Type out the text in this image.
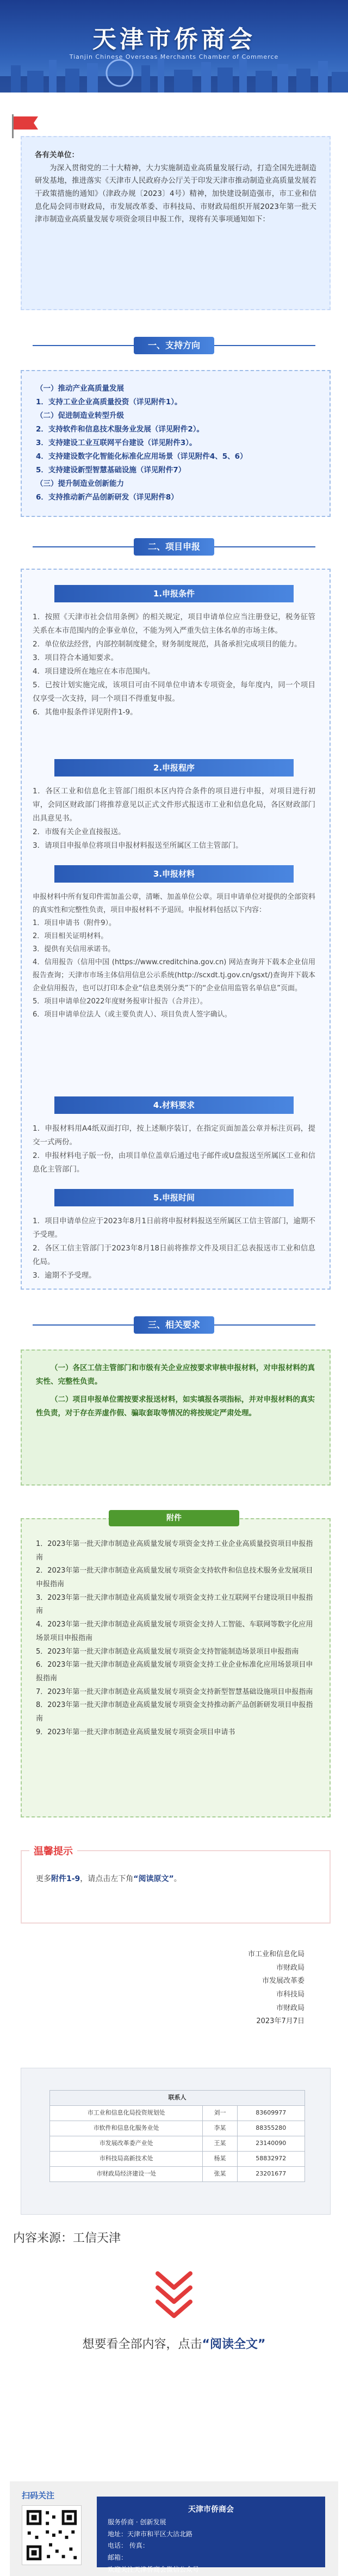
天津市侨商会
Tianjin Chinese Overseas Merchants Chamber of Commerce
各有关单位：
为深入贯彻党的二十大精神，大力实施制造业高质量发展行动，打造全国先进制造研发基地，推进落实《天津市人民政府办公厅关于印发天津市推动制造业高质量发展若干政策措施的通知》（津政办规〔2023〕4号）精神，加快建设制造强市，市工业和信息化局会同市财政局，市发展改革委、市科技局、市财政局组织开展2023年第一批天津市制造业高质量发展专项资金项目申报工作，现将有关事项通知如下：
一、支持方向
（一）推动产业高质量发展
1．支持工业企业高质量投资（详见附件1）。
（二）促进制造业转型升级
2．支持软件和信息技术服务业发展（详见附件2）。
3．支持建设工业互联网平台建设（详见附件3）。
4．支持建设数字化智能化标准化应用场景（详见附件4、5、6）
5．支持建设新型智慧基础设施（详见附件7）
（三）提升制造业创新能力
6．支持推动新产品创新研发（详见附件8）
二、项目申报
1.申报条件
1．按照《天津市社会信用条例》的相关规定，项目申请单位应当注册登记，税务征管关系在本市范围内的企事业单位，不能为列入严重失信主体名单的市场主体。
2．单位依法经营，内部控制制度健全，财务制度规范，具备承担完成项目的能力。
3．项目符合本通知要求。
4．项目建设所在地应在本市范围内。
5．已按计划实施完成，该项目可由不同单位申请本专项资金，每年度内，同一个项目仅享受一次支持，同一个项目不得重复申报。
6．其他申报条件详见附件1-9。
2.申报程序
1．各区工业和信息化主管部门组织本区内符合条件的项目进行申报，对项目进行初审，会同区财政部门将推荐意见以正式文件形式报送市工业和信息化局，各区财政部门出具意见书。
2．市级有关企业直接报送。
3．请项目申报单位将项目申报材料报送至所属区工信主管部门。
3.申报材料
申报材料中所有复印件需加盖公章，清晰、加盖单位公章。项目申请单位对提供的全部资料的真实性和完整性负责，项目申报材料不予退回。申报材料包括以下内容：
1．项目申请书（附件9）。
2．项目相关证明材料。
3．提供有关信用承诺书。
4．信用报告（信用中国 (https://www.creditchina.gov.cn) 网站查询并下载本企业信用报告查询；天津市市场主体信用信息公示系统(http://scxdt.tj.gov.cn/gsxt/)查询并下载本企业信用报告，也可以打印本企业“信息类别分类”下的“企业信用监管名单信息”页面。
5．项目申请单位2022年度财务报审计报告（合并注）。
6．项目申请单位法人（或主要负责人）、项目负责人签字确认。
4.材料要求
1．申报材料用A4纸双面打印，按上述顺序装订，在指定页面加盖公章并标注页码，提交一式两份。
2．申报材料电子版一份，由项目单位盖章后通过电子邮件或U盘报送至所属区工业和信息化主管部门。
5.申报时间
1．项目申请单位应于2023年8月1日前将申报材料报送至所属区工信主管部门，逾期不予受理。
2．各区工信主管部门于2023年8月18日前将推荐文件及项目汇总表报送市工业和信息化局。
3．逾期不予受理。
三、相关要求
（一）各区工信主管部门和市级有关企业应按要求审核申报材料，对申报材料的真实性、完整性负责。
（二）项目申报单位需按要求报送材料，如实填报各项指标，并对申报材料的真实性负责，对于存在弄虚作假、骗取套取等情况的将按规定严肃处理。
1．2023年第一批天津市制造业高质量发展专项资金支持工业企业高质量投资项目申报指南
2．2023年第一批天津市制造业高质量发展专项资金支持软件和信息技术服务业发展项目申报指南
3．2023年第一批天津市制造业高质量发展专项资金支持工业互联网平台建设项目申报指南
4．2023年第一批天津市制造业高质量发展专项资金支持人工智能、车联网等数字化应用场景项目申报指南
5．2023年第一批天津市制造业高质量发展专项资金支持智能制造场景项目申报指南
6．2023年第一批天津市制造业高质量发展专项资金支持工业企业标准化应用场景项目申报指南
7．2023年第一批天津市制造业高质量发展专项资金支持新型智慧基础设施项目申报指南
8．2023年第一批天津市制造业高质量发展专项资金支持推动新产品创新研发项目申报指南
9．2023年第一批天津市制造业高质量发展专项资金项目申请书
附件
温馨提示
更多附件1-9，请点击左下角“阅读原文”。
市工业和信息化局
市财政局
市发展改革委
市科技局
市财政局
2023年7月7日
联系人		
市工业和信息化局投资规划处	刘一	83609977
市软件和信息化服务业处	李某	88355280
市发展改革委产业处	王某	23140090
市科技局高新技术处	杨某	58832972
市财政局经济建设一处	张某	23201677
内容来源：工信天津
想要看全部内容，点击“阅读全文”
扫码关注
天津市侨商会
服务侨商 · 创新发展
地址：天津市和平区大沽北路
电话： 传真：
邮箱：
欢迎关注天津侨商会微信公众号
